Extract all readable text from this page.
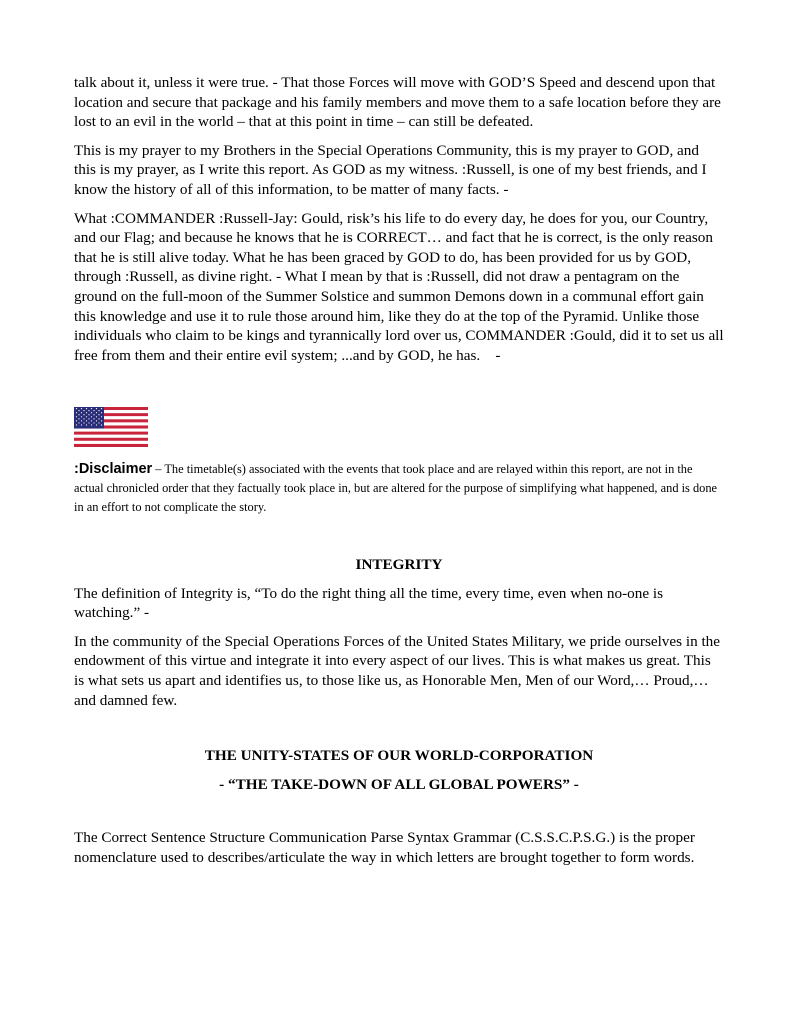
talk about it, unless it were true. - That those Forces will move with GOD’S Speed and descend upon that location and secure that package and his family members and move them to a safe location before they are lost to an evil in the world – that at this point in time – can still be defeated.

This is my prayer to my Brothers in the Special Operations Community, this is my prayer to GOD, and this is my prayer, as I write this report. As GOD as my witness. :Russell, is one of my best friends, and I know the history of all of this information, to be matter of many facts. -

What :COMMANDER :Russell-Jay: Gould, risk’s his life to do every day, he does for you, our Country, and our Flag; and because he knows that he is CORRECT… and fact that he is correct, is the only reason that he is still alive today. What he has been graced by GOD to do, has been provided for us by GOD, through :Russell, as divine right. - What I mean by that is :Russell, did not draw a pentagram on the ground on the full-moon of the Summer Solstice and summon Demons down in a communal effort gain this knowledge and use it to rule those around him, like they do at the top of the Pyramid. Unlike those individuals who claim to be kings and tyrannically lord over us, COMMANDER :Gould, did it to set us all free from them and their entire evil system; ...and by GOD, he has.    -

:Disclaimer – The timetable(s) associated with the events that took place and are relayed within this report, are not in the actual chronicled order that they factually took place in, but are altered for the purpose of simplifying what happened, and is done in an effort to not complicate the story.

INTEGRITY

The definition of Integrity is, “To do the right thing all the time, every time, even when no-one is watching.” -

In the community of the Special Operations Forces of the United States Military, we pride ourselves in the endowment of this virtue and integrate it into every aspect of our lives. This is what makes us great. This is what sets us apart and identifies us, to those like us, as Honorable Men, Men of our Word,… Proud,… and damned few.

THE UNITY-STATES OF OUR WORLD-CORPORATION
- “THE TAKE-DOWN OF ALL GLOBAL POWERS” -

The Correct Sentence Structure Communication Parse Syntax Grammar (C.S.S.C.P.S.G.) is the proper nomenclature used to describes/articulate the way in which letters are brought together to form words.
